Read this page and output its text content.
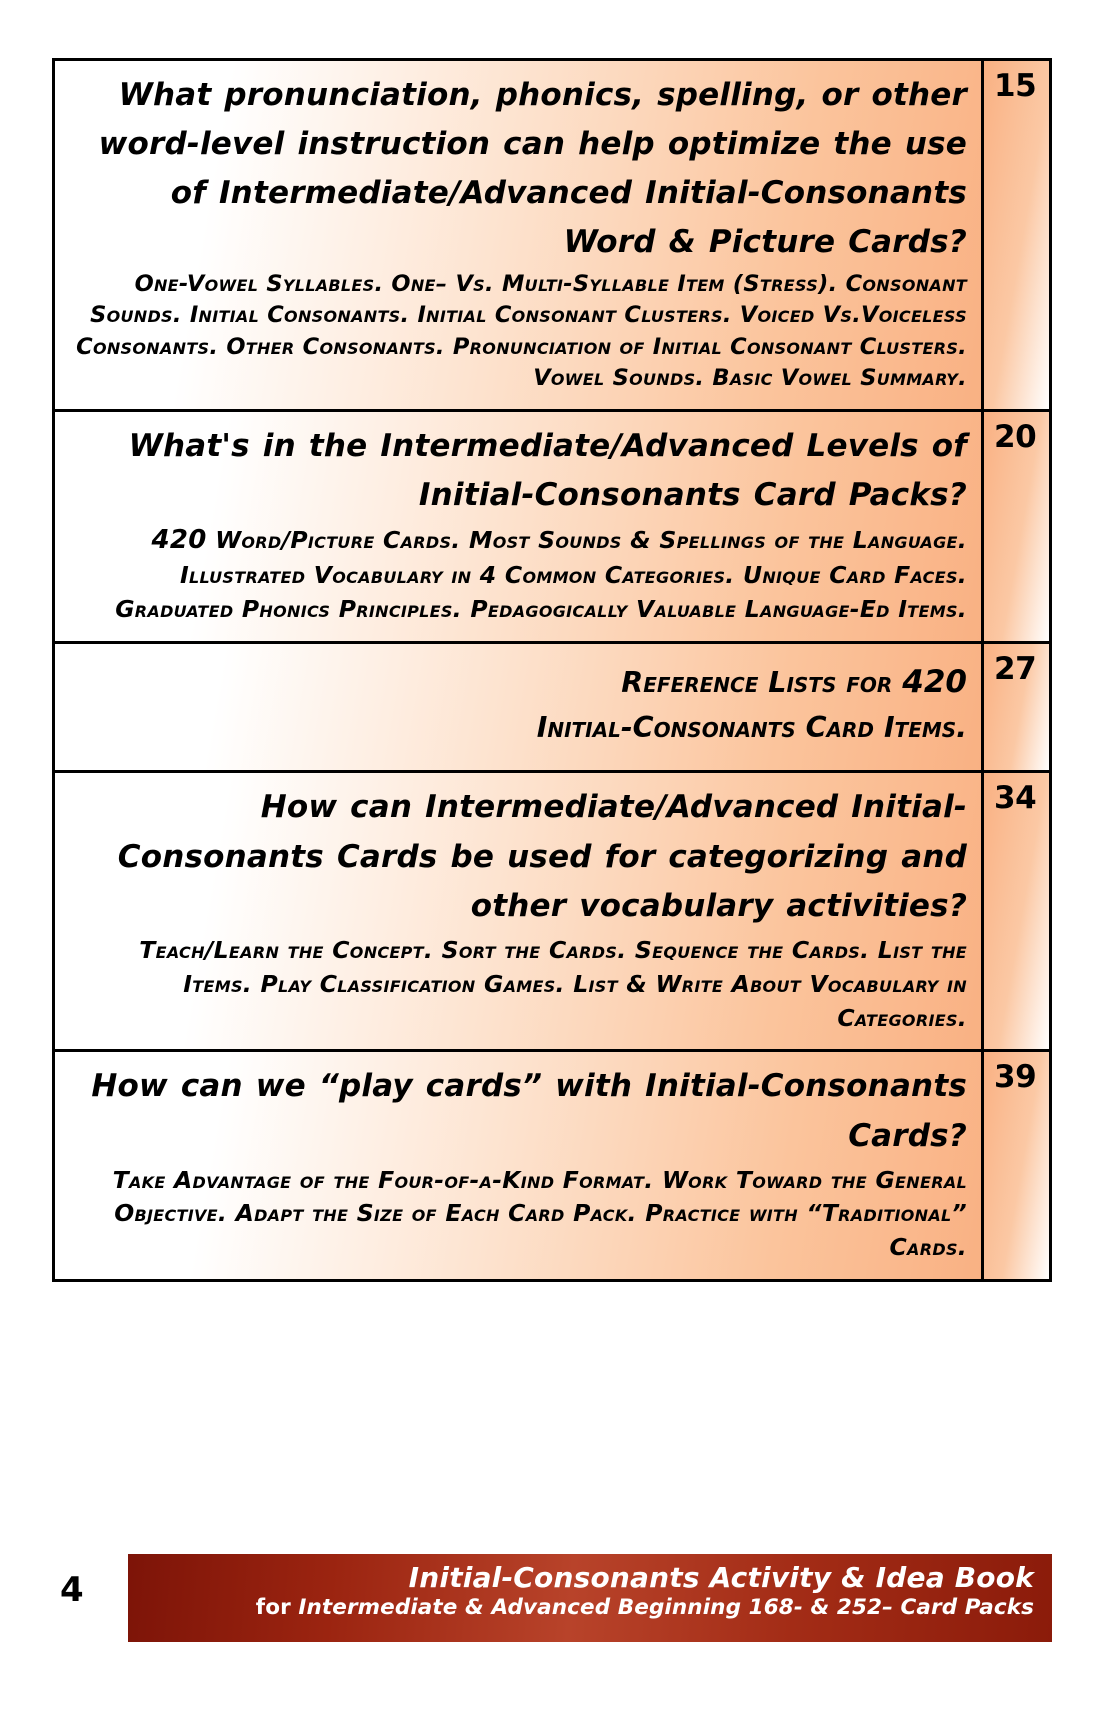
What pronunciation, phonics, spelling, or other word-level instruction can help optimize the use of Intermediate/Advanced Initial-Consonants Word & Picture Cards?
One-Vowel Syllables. One– Vs. Multi-Syllable Item (Stress). Consonant Sounds. Initial Consonants. Initial Consonant Clusters. Voiced Vs.Voiceless Consonants. Other Consonants. Pronunciation of Initial Consonant Clusters. Vowel Sounds. Basic Vowel Summary.
15
What's in the Intermediate/Advanced Levels of Initial-Consonants Card Packs?
420 Word/Picture Cards. Most Sounds & Spellings of the Language. Illustrated Vocabulary in 4 Common Categories. Unique Card Faces. Graduated Phonics Principles. Pedagogically Valuable Language-Ed Items.
20
Reference Lists for 420
Initial-Consonants Card Items.
27
How can Intermediate/Advanced Initial-Consonants Cards be used for categorizing and other vocabulary activities?
Teach/Learn the Concept. Sort the Cards. Sequence the Cards. List the Items. Play Classification Games. List & Write About Vocabulary in Categories.
34
How can we “play cards” with Initial-Consonants Cards?
Take Advantage of the Four-of-a-Kind Format. Work Toward the General Objective. Adapt the Size of Each Card Pack. Practice with “Traditional” Cards.
39
4	Initial-Consonants Activity & Idea Book
for Intermediate & Advanced Beginning 168- & 252– Card Packs
